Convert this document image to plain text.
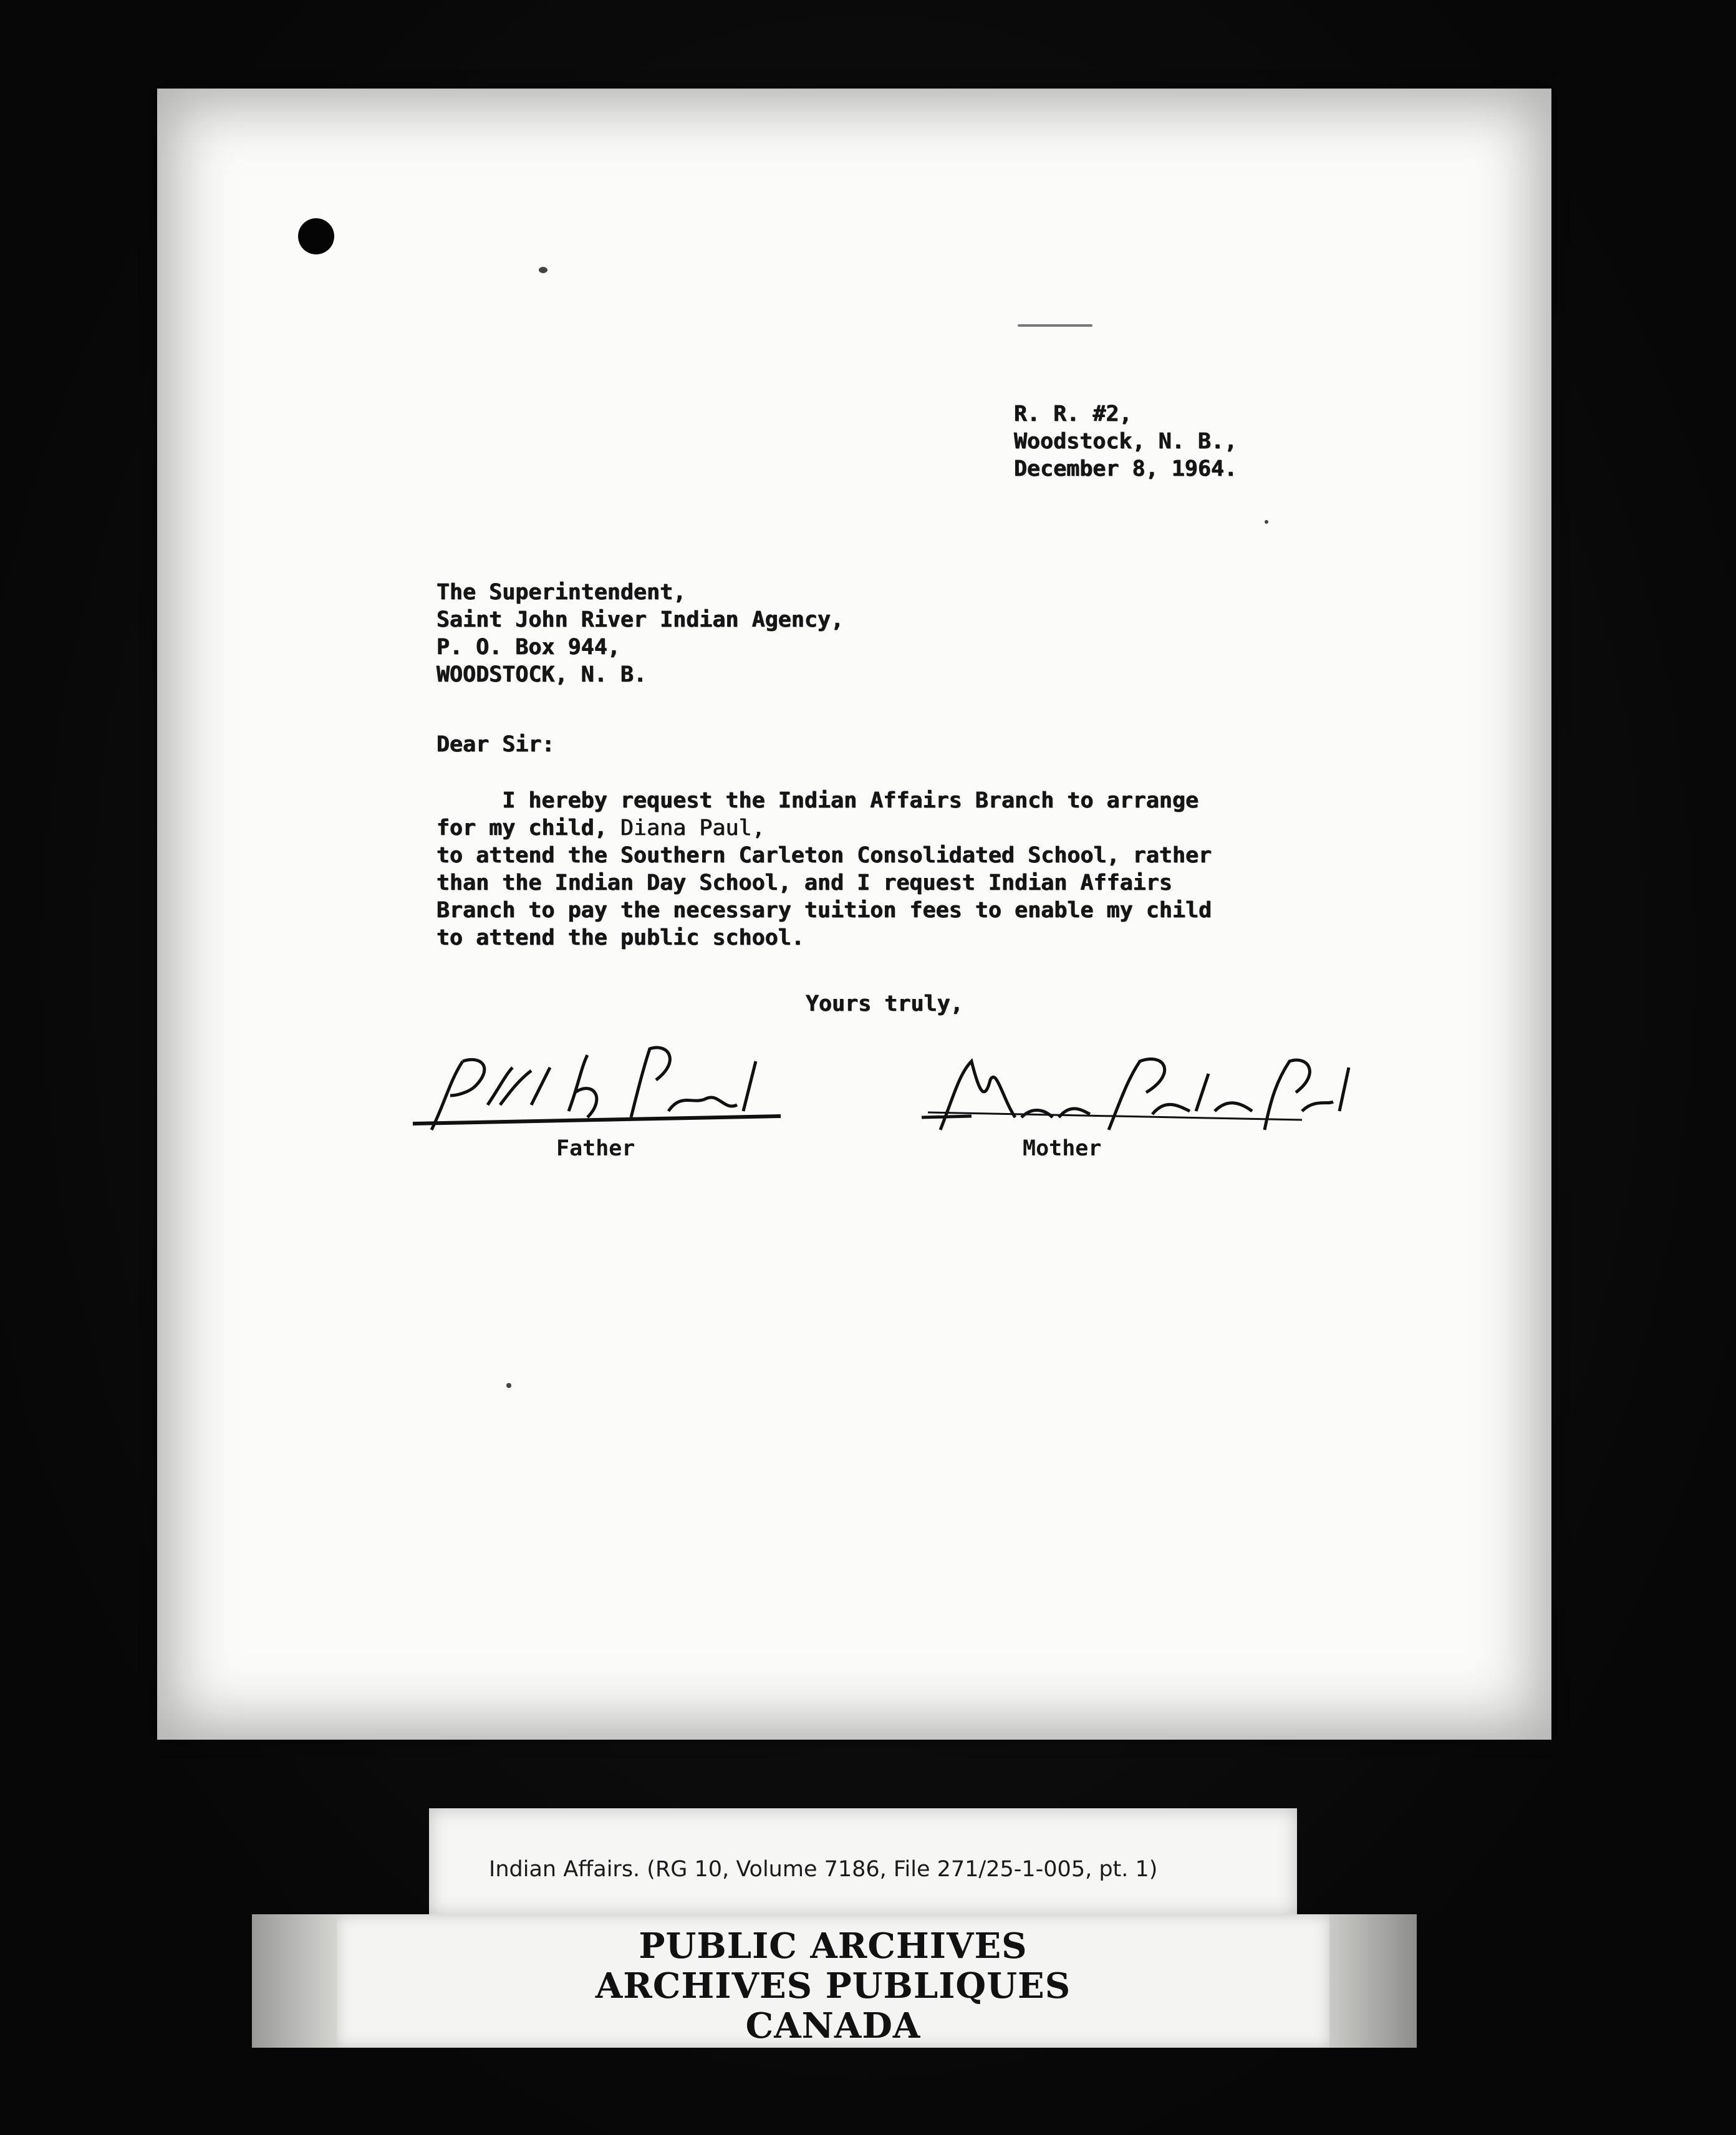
R. R. #2,
Woodstock, N. B.,
December 8, 1964.
The Superintendent,
Saint John River Indian Agency,
P. O. Box 944,
WOODSTOCK, N. B.
Dear Sir:
I hereby request the Indian Affairs Branch to arrange
for my child, Diana Paul,
to attend the Southern Carleton Consolidated School, rather
than the Indian Day School, and I request Indian Affairs
Branch to pay the necessary tuition fees to enable my child
to attend the public school.
Yours truly,
Father	Mother
Indian Affairs. (RG 10, Volume 7186, File 271/25-1-005, pt. 1)
PUBLIC ARCHIVES
ARCHIVES PUBLIQUES
CANADA
